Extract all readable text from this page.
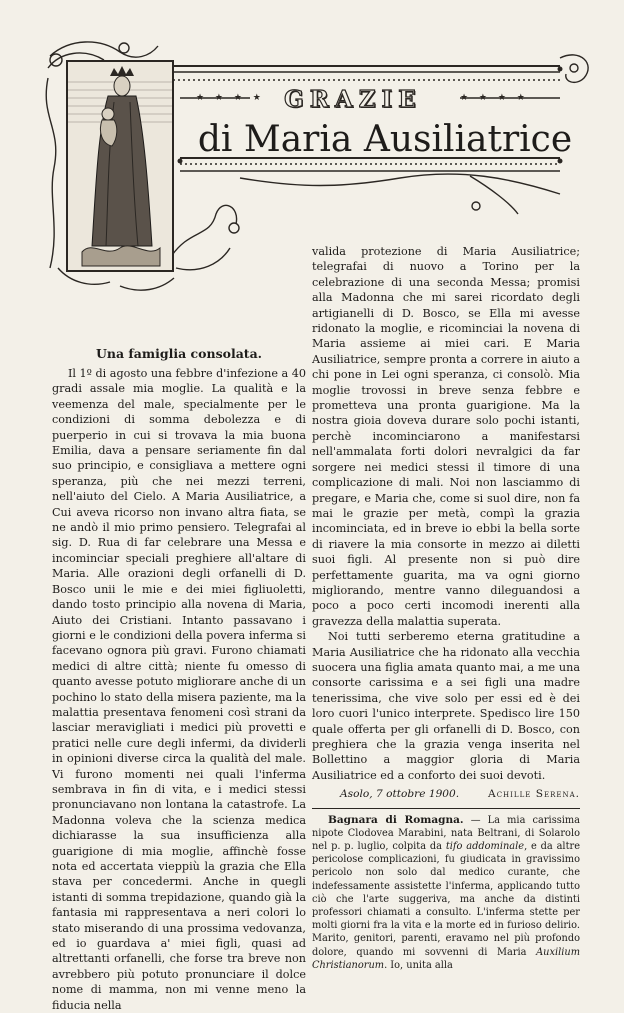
★ ★ ★ ★ GRAZIE	★ ★ ★ ★
di Maria Ausiliatrice
Una famiglia consolata.

Il 1º di agosto una febbre d'infezione a 40 gradi assale mia moglie. La qualità e la veemenza del male, specialmente per le condizioni di somma debolezza e di puerperio in cui si trovava la mia buona Emilia, dava a pensare seriamente fin dal suo principio, e consigliava a mettere ogni speranza, più che nei mezzi terreni, nell'aiuto del Cielo. A Maria Ausiliatrice, a Cui aveva ricorso non invano altra fiata, se ne andò il mio primo pensiero. Telegrafai al sig. D. Rua di far celebrare una Messa e incominciar speciali preghiere all'altare di Maria. Alle orazioni degli orfanelli di D. Bosco unii le mie e dei miei figliuoletti, dando tosto principio alla novena di Maria, Aiuto dei Cristiani. Intanto passavano i giorni e le condizioni della povera inferma si facevano ognora più gravi. Furono chiamati medici di altre città; niente fu omesso di quanto avesse potuto migliorare anche di un pochino lo stato della misera paziente, ma la malattia presentava fenomeni così strani da lasciar meravigliati i medici più provetti e pratici nelle cure degli infermi, da dividerli in opinioni diverse circa la qualità del male. Vi furono momenti nei quali l'inferma sembrava in fin di vita, e i medici stessi pronunciavano non lontana la catastrofe. La Madonna voleva che la scienza medica dichiarasse la sua insufficienza alla guarigione di mia moglie, affinchè fosse nota ed accertata vieppiù la grazia che Ella stava per concedermi. Anche in quegli istanti di somma trepidazione, quando già la fantasia mi rappresentava a neri colori lo stato miserando di una prossima vedovanza, ed io guardava a' miei figli, quasi ad altrettanti orfanelli, che forse tra breve non avrebbero più potuto pronunciare il dolce nome di mamma, non mi venne meno la fiducia nella

valida protezione di Maria Ausiliatrice; telegrafai di nuovo a Torino per la celebrazione di una seconda Messa; promisi alla Madonna che mi sarei ricordato degli artigianelli di D. Bosco, se Ella mi avesse ridonato la moglie, e ricominciai la novena di Maria assieme ai miei cari. E Maria Ausiliatrice, sempre pronta a correre in aiuto a chi pone in Lei ogni speranza, ci consolò. Mia moglie trovossi in breve senza febbre e prometteva una pronta guarigione. Ma la nostra gioia doveva durare solo pochi istanti, perchè incominciarono a manifestarsi nell'ammalata forti dolori nevralgici da far sorgere nei medici stessi il timore di una complicazione di mali. Noi non lasciammo di pregare, e Maria che, come si suol dire, non fa mai le grazie per metà, compì la grazia incominciata, ed in breve io ebbi la bella sorte di riavere la mia consorte in mezzo ai diletti suoi figli. Al presente non si può dire perfettamente guarita, ma va ogni giorno migliorando, mentre vanno dileguandosi a poco a poco certi incomodi inerenti alla gravezza della malattia superata.

Noi tutti serberemo eterna gratitudine a Maria Ausiliatrice che ha ridonato alla vecchia suocera una figlia amata quanto mai, a me una consorte carissima e a sei figli una madre tenerissima, che vive solo per essi ed è dei loro cuori l'unico interprete. Spedisco lire 150 quale offerta per gli orfanelli di D. Bosco, con preghiera che la grazia venga inserita nel Bollettino a maggior gloria di Maria Ausiliatrice ed a conforto dei suoi devoti.

Asolo, 7 ottobre 1900.	Achille Serena.

Bagnara di Romagna. — La mia carissima nipote Clodovea Marabini, nata Beltrani, di Solarolo nel p. p. luglio, colpita da tifo addominale, e da altre pericolose complicazioni, fu giudicata in gravissimo pericolo non solo dal medico curante, che indefessamente assistette l'inferma, applicando tutto ciò che l'arte suggeriva, ma anche da distinti professori chiamati a consulto. L'inferma stette per molti giorni fra la vita e la morte ed in furioso delirio. Marito, genitori, parenti, eravamo nel più profondo dolore, quando mi sovvenni di Maria Auxilium Christianorum. Io, unita alla
